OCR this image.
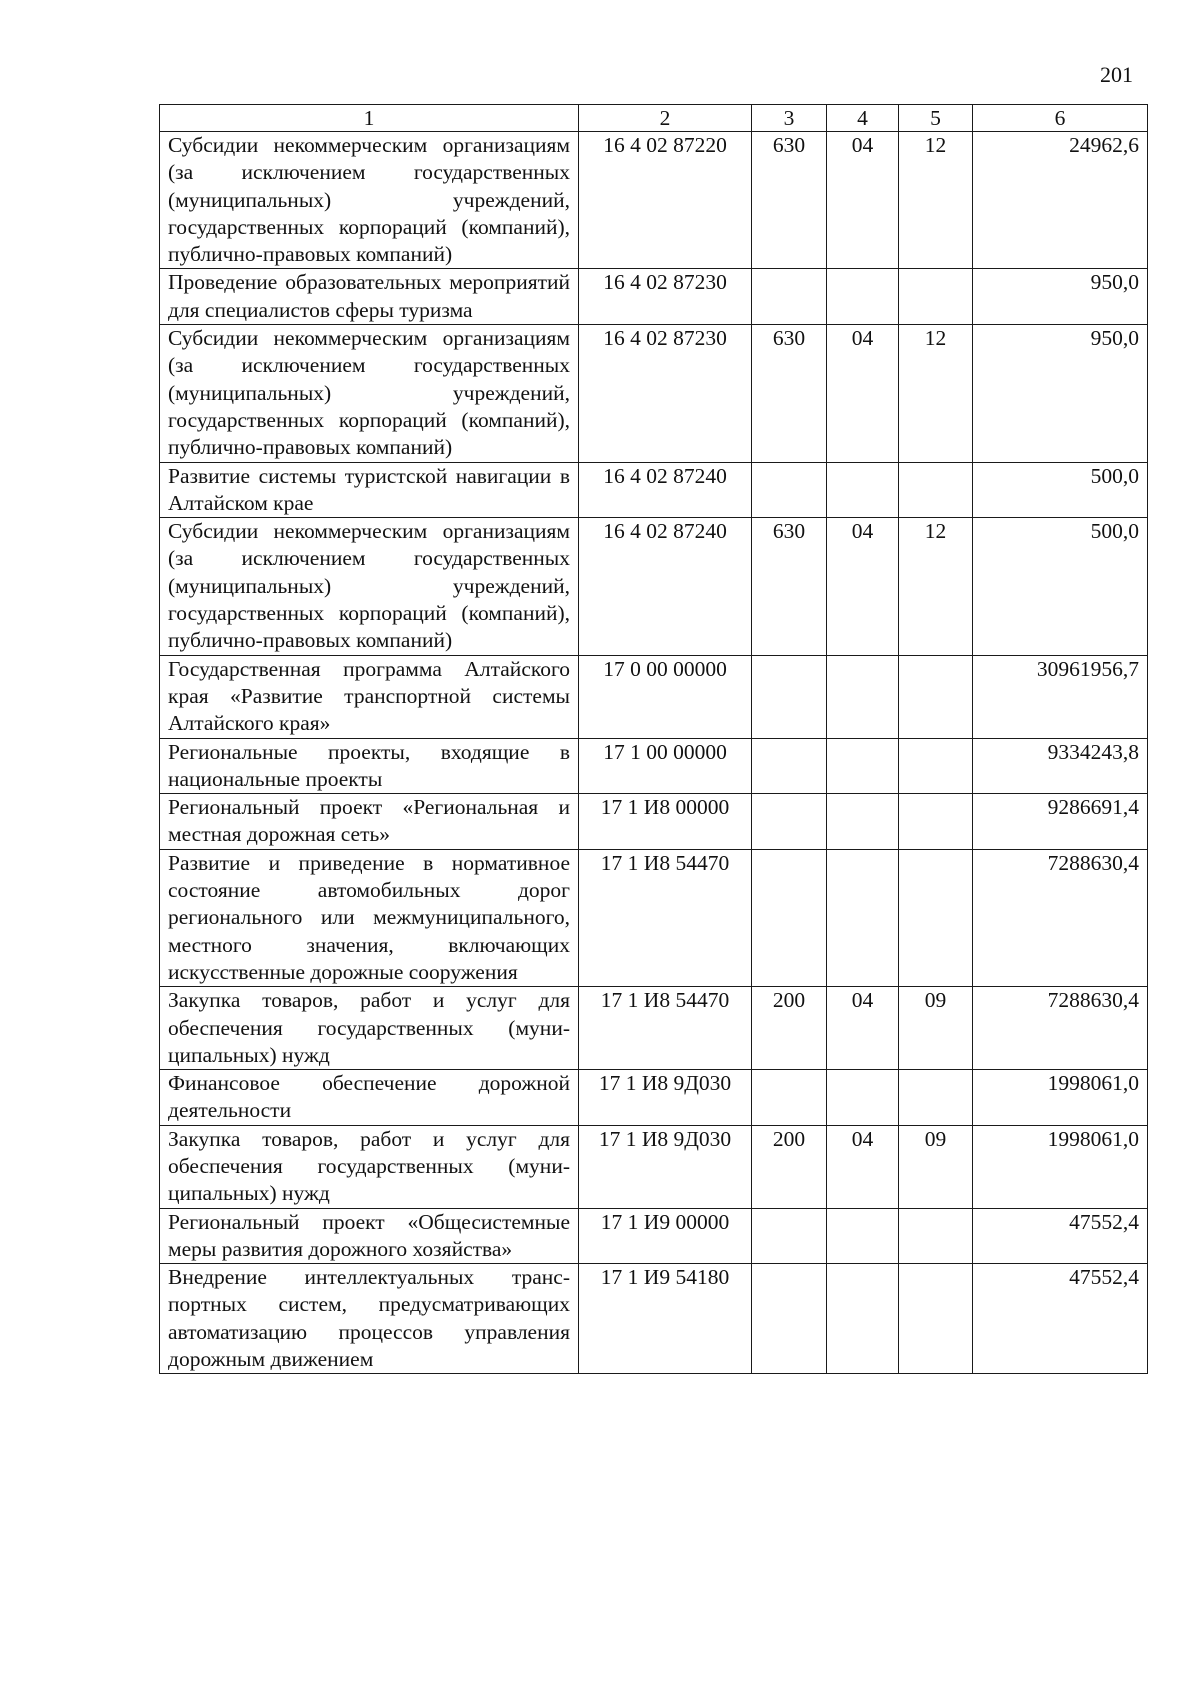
201
1	2	3	4	5	6
Субсидии некоммерческим организациям (за исключением государственных (муниципальных) учреждений, государственных корпораций (компаний), публично-правовых компаний)	16 4 02 87220	630	04	12	24962,6
Проведение образовательных мероприятий для специалистов сферы туризма	16 4 02 87230				950,0
Субсидии некоммерческим организациям (за исключением государственных (муниципальных) учреждений, государственных корпораций (компаний), публично-правовых компаний)	16 4 02 87230	630	04	12	950,0
Развитие системы туристской навигации в Алтайском крае	16 4 02 87240				500,0
Субсидии некоммерческим организациям (за исключением государственных (муниципальных) учреждений, государственных корпораций (компаний), публично-правовых компаний)	16 4 02 87240	630	04	12	500,0
Государственная программа Алтайского края «Развитие транспортной системы Алтайского края»	17 0 00 00000				30961956,7
Региональные проекты, входящие в национальные проекты	17 1 00 00000				9334243,8
Региональный проект «Региональная и местная дорожная сеть»	17 1 И8 00000				9286691,4
Развитие и приведение в нормативное состояние автомобильных дорог регионального или межмуниципального, местного значения, включающих искусственные дорожные сооружения	17 1 И8 54470				7288630,4
Закупка товаров, работ и услуг для обеспечения государственных (муниципальных) нужд	17 1 И8 54470	200	04	09	7288630,4
Финансовое обеспечение дорожной деятельности	17 1 И8 9Д030				1998061,0
Закупка товаров, работ и услуг для обеспечения государственных (муниципальных) нужд	17 1 И8 9Д030	200	04	09	1998061,0
Региональный проект «Общесистемные меры развития дорожного хозяйства»	17 1 И9 00000				47552,4
Внедрение интеллектуальных транспортных систем, предусматривающих автоматизацию процессов управления дорожным движением	17 1 И9 54180				47552,4
